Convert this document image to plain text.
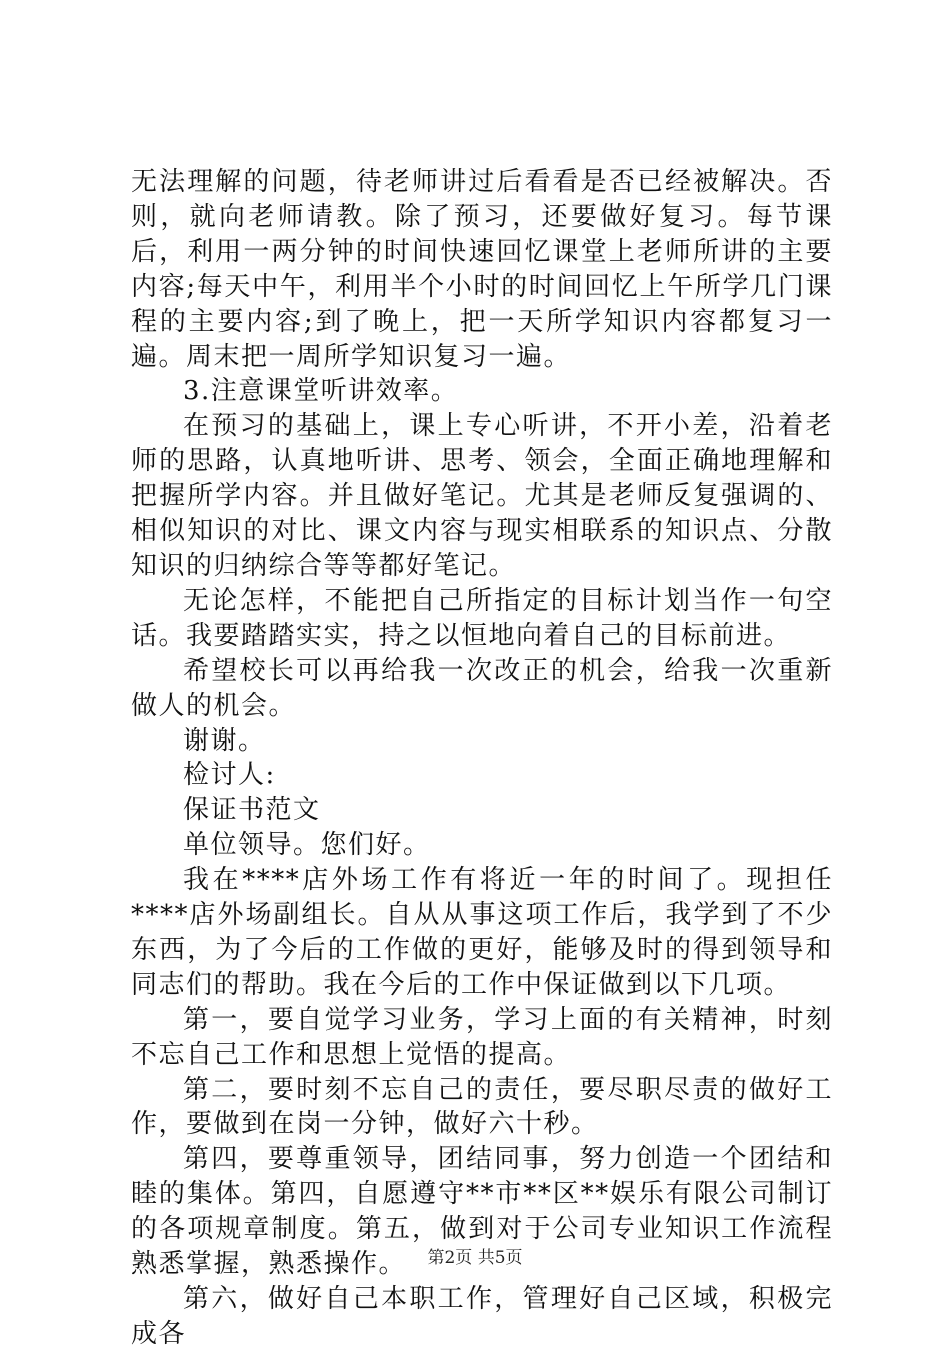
无法理解的问题，待老师讲过后看看是否已经被解决。否则，就向老师请教。除了预习，还要做好复习。每节课后，利用一两分钟的时间快速回忆课堂上老师所讲的主要内容;每天中午，利用半个小时的时间回忆上午所学几门课程的主要内容;到了晚上，把一天所学知识内容都复习一遍。周末把一周所学知识复习一遍。

3.注意课堂听讲效率。

在预习的基础上，课上专心听讲，不开小差，沿着老师的思路，认真地听讲、思考、领会，全面正确地理解和把握所学内容。并且做好笔记。尤其是老师反复强调的、相似知识的对比、课文内容与现实相联系的知识点、分散知识的归纳综合等等都好笔记。

无论怎样，不能把自己所指定的目标计划当作一句空话。我要踏踏实实，持之以恒地向着自己的目标前进。

希望校长可以再给我一次改正的机会，给我一次重新做人的机会。

谢谢。

检讨人:

保证书范文

单位领导。您们好。

我在****店外场工作有将近一年的时间了。现担任****店外场副组长。自从从事这项工作后，我学到了不少东西，为了今后的工作做的更好，能够及时的得到领导和同志们的帮助。我在今后的工作中保证做到以下几项。

第一，要自觉学习业务，学习上面的有关精神，时刻不忘自己工作和思想上觉悟的提高。

第二，要时刻不忘自己的责任，要尽职尽责的做好工作，要做到在岗一分钟，做好六十秒。

第四，要尊重领导，团结同事，努力创造一个团结和睦的集体。第四，自愿遵守**市**区**娱乐有限公司制订的各项规章制度。第五，做到对于公司专业知识工作流程熟悉掌握，熟悉操作。

第六，做好自己本职工作，管理好自己区域，积极完成各

第2页 共5页
